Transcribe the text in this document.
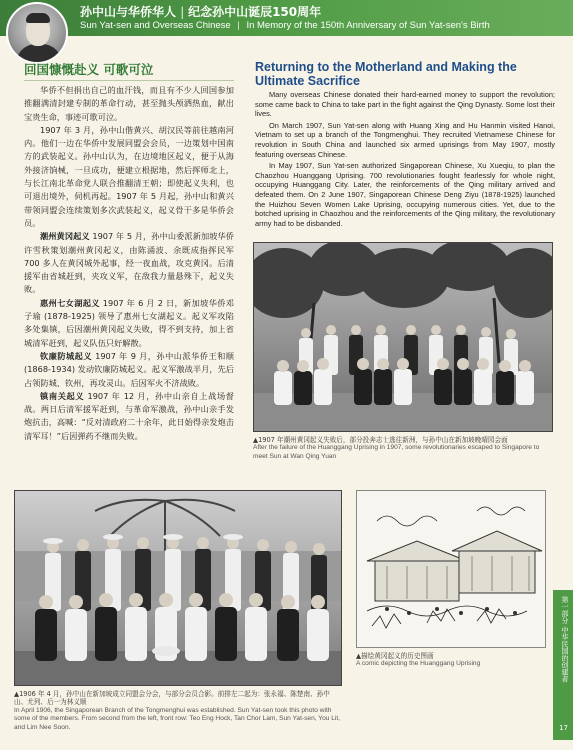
孙中山与华侨华人 | 纪念孙中山诞辰150周年
Sun Yat-sen and Overseas Chinese | In Memory of the 150th Anniversary of Sun Yat-sen's Birth
回国慷慨赴义 可歌可泣

华侨不但捐出自己的血汗钱，而且有不少人回国参加推翻满清封建专制的革命行动，甚至抛头颅洒热血，献出宝贵生命，事迹可歌可泣。

1907 年 3 月，孙中山偕黄兴、胡汉民等前往越南河内。他们一边在华侨中发展同盟会会员，一边策划中国南方的武装起义。孙中山认为，在边境地区起义，便于从海外接济饷械，一旦成功，便建立根据地，然后挥师北上，与长江南北革命党人联合推翻清王朝；即使起义失利，也可退出境外，伺机再起。1907 年 5 月起，孙中山和黄兴带领同盟会连续策划多次武装起义，起义骨干多是华侨会员。

潮州黄冈起义 1907 年 5 月，孙中山委派新加坡华侨许雪秋策划潮州黄冈起义，由陈涌波、余既成指挥民军 700 多人在黄冈城外起事，经一夜血战，攻克黄冈。后清援军由省城赶到，夹攻义军，在敌我力量悬殊下，起义失败。

惠州七女湖起义 1907 年 6 月 2 日，新加坡华侨邓子瑜 (1878-1925) 领导了惠州七女湖起义。起义军攻陷多处集镇，后因潮州黄冈起义失败，得不到支持，加上省城清军赶到，起义队伍只好解散。

钦廉防城起义 1907 年 9 月，孙中山派华侨王和顺 (1868-1934) 发动钦廉防城起义。起义军激战半月，先后占领防城、钦州，再攻灵山。后因军火不济战败。

镇南关起义 1907 年 12 月，孙中山亲自上战场督战。两日后清军援军赶到，与革命军激战，孙中山亲手发炮抗击，高喊：“反对清政府二十余年，此日始得亲发炮击清军耳！”后因弹药不继而失败。

Returning to the Motherland and Making the Ultimate Sacrifice

Many overseas Chinese donated their hard-earned money to support the revolution; some came back to China to take part in the fight against the Qing Dynasty. Some lost their lives.

On March 1907, Sun Yat-sen along with Huang Xing and Hu Hanmin visited Hanoi, Vietnam to set up a branch of the Tongmenghui. They recruited Vietnamese Chinese for revolution in South China and launched six armed uprisings from May 1907, mostly featuring overseas Chinese.

In May 1907, Sun Yat-sen authorized Singaporean Chinese, Xu Xueqiu, to plan the Chaozhou Huanggang Uprising. 700 revolutionaries fought fearlessly for whole night, occupying Huanggang City. Later, the reinforcements of the Qing military arrived and defeated them. On 2 June 1907, Singaporean Chinese Deng Ziyu (1878-1925) launched the Huizhou Seven Women Lake Uprising, occupying numerous cities. Yet, due to the botched uprising in Chaozhou and the reinforcements of the Qing military, the revolutionary army had to be disbanded.

▲1907 年潮州黄冈起义失败后，部分投奔志士逃往新洲，与孙中山在新加坡晚晴园会面
After the failure of the Huanggang Uprising in 1907, some revolutionaries escaped to Singapore to meet Sun at Wan Qing Yuan
▲1906 年 4 月，孙中山在新加坡成立同盟会分会，与部分会员合影。前排左二起为：张永福、陈楚南、孙中山、尤列、后一为林义顺
In April 1906, the Singaporean Branch of the Tongmenghui was established. Sun Yat-sen took this photo with some of the members. From second from the left, front row: Teo Eng Hock, Tan Chor Lam, Sun Yat-sen, You Lit, and Lim Nee Soon.
▲描绘黄冈起义的历史图画
A comic depicting the Huanggang Uprising	第一部分 中华民国的创建者
17
